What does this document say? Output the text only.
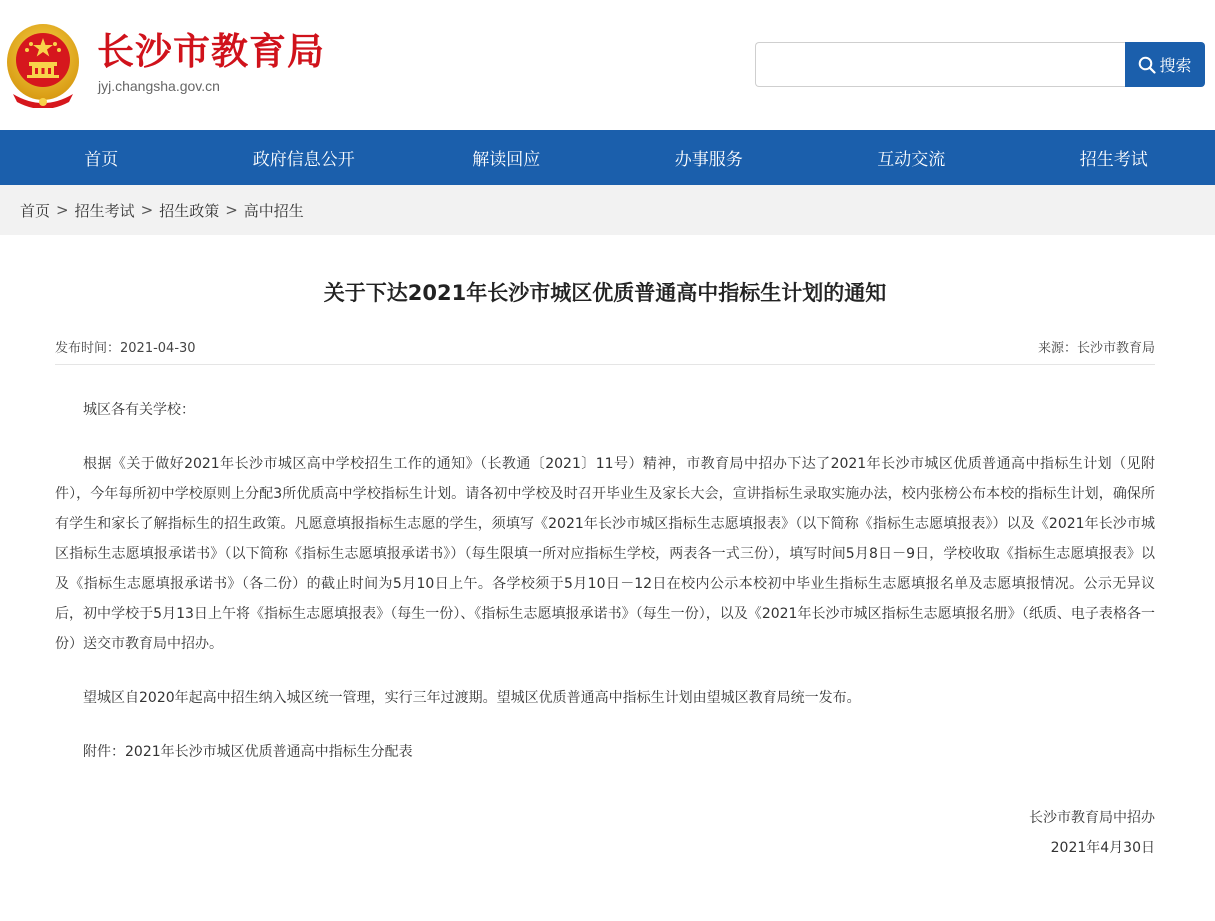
长沙市教育局
jyj.changsha.gov.cn
搜索
首页	政府信息公开	解读回应	办事服务	互动交流	招生考试
首页 > 招生考试 > 招生政策 > 高中招生
关于下达2021年长沙市城区优质普通高中指标生计划的通知
发布时间：2021-04-30	来源：长沙市教育局

城区各有关学校：

根据《关于做好2021年长沙市城区高中学校招生工作的通知》（长教通〔2021〕11号）精神，市教育局中招办下达了2021年长沙市城区优质普通高中指标生计划（见附件），今年每所初中学校原则上分配3所优质高中学校指标生计划。请各初中学校及时召开毕业生及家长大会，宣讲指标生录取实施办法，校内张榜公布本校的指标生计划，确保所有学生和家长了解指标生的招生政策。凡愿意填报指标生志愿的学生，须填写《2021年长沙市城区指标生志愿填报表》（以下简称《指标生志愿填报表》）以及《2021年长沙市城区指标生志愿填报承诺书》（以下简称《指标生志愿填报承诺书》）（每生限填一所对应指标生学校，两表各一式三份），填写时间5月8日－9日，学校收取《指标生志愿填报表》以及《指标生志愿填报承诺书》（各二份）的截止时间为5月10日上午。各学校须于5月10日－12日在校内公示本校初中毕业生指标生志愿填报名单及志愿填报情况。公示无异议后，初中学校于5月13日上午将《指标生志愿填报表》（每生一份）、《指标生志愿填报承诺书》（每生一份），以及《2021年长沙市城区指标生志愿填报名册》（纸质、电子表格各一份）送交市教育局中招办。

望城区自2020年起高中招生纳入城区统一管理，实行三年过渡期。望城区优质普通高中指标生计划由望城区教育局统一发布。

附件：2021年长沙市城区优质普通高中指标生分配表

长沙市教育局中招办

2021年4月30日
